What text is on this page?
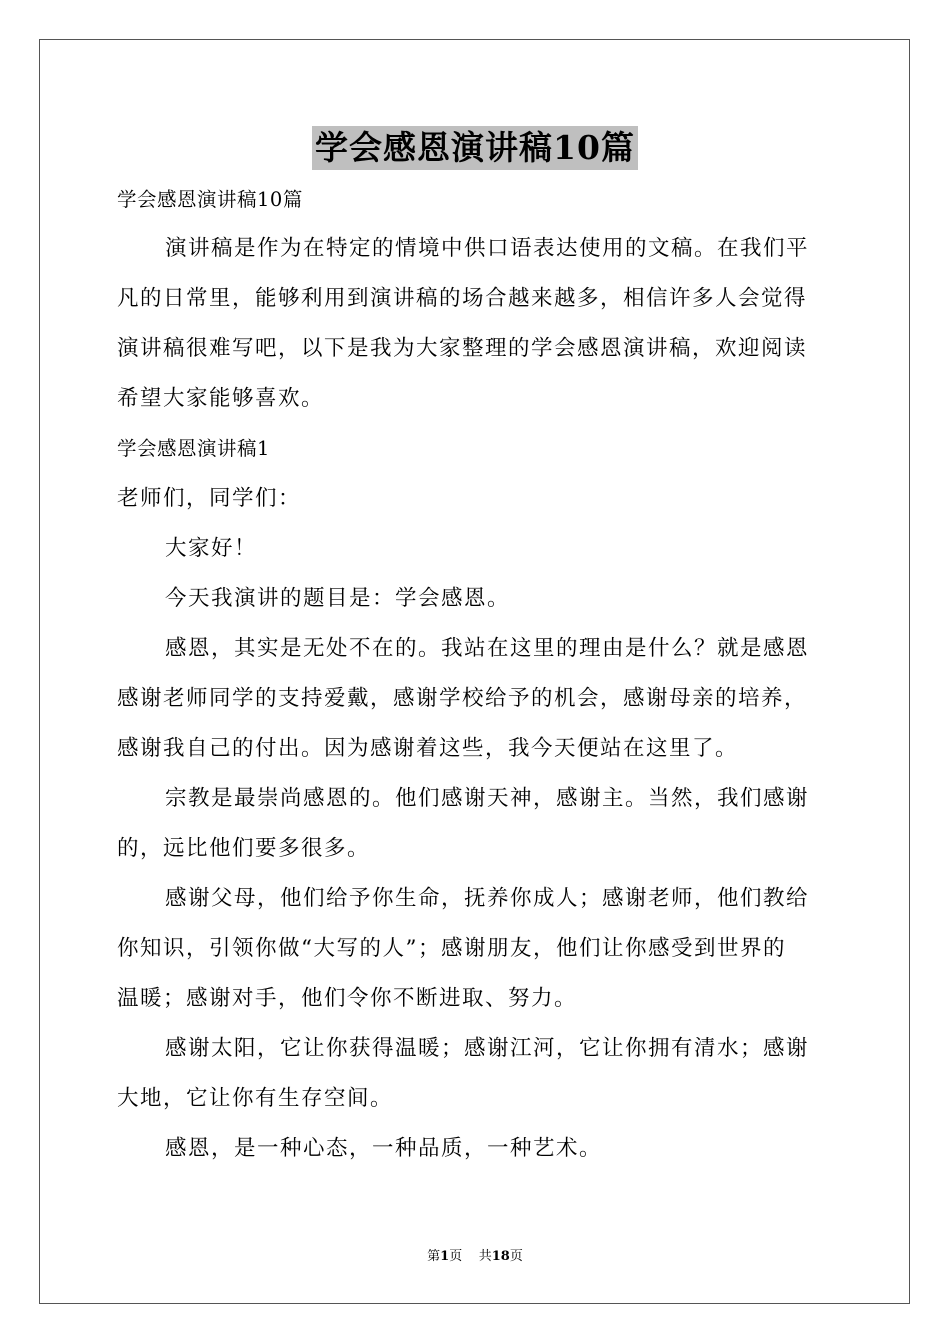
学会感恩演讲稿10篇
学会感恩演讲稿10篇
演讲稿是作为在特定的情境中供口语表达使用的文稿。在我们平
凡的日常里，能够利用到演讲稿的场合越来越多，相信许多人会觉得
演讲稿很难写吧，以下是我为大家整理的学会感恩演讲稿，欢迎阅读
希望大家能够喜欢。
学会感恩演讲稿1
老师们，同学们：
大家好！
今天我演讲的题目是：学会感恩。
感恩，其实是无处不在的。我站在这里的理由是什么？就是感恩
感谢老师同学的支持爱戴，感谢学校给予的机会，感谢母亲的培养，
感谢我自己的付出。因为感谢着这些，我今天便站在这里了。
宗教是最崇尚感恩的。他们感谢天神，感谢主。当然，我们感谢
的，远比他们要多很多。
感谢父母，他们给予你生命，抚养你成人；感谢老师，他们教给
你知识，引领你做“大写的人”；感谢朋友，他们让你感受到世界的
温暖；感谢对手，他们令你不断进取、努力。
感谢太阳，它让你获得温暖；感谢江河，它让你拥有清水；感谢
大地，它让你有生存空间。
感恩，是一种心态，一种品质，一种艺术。
第1页 共18页
